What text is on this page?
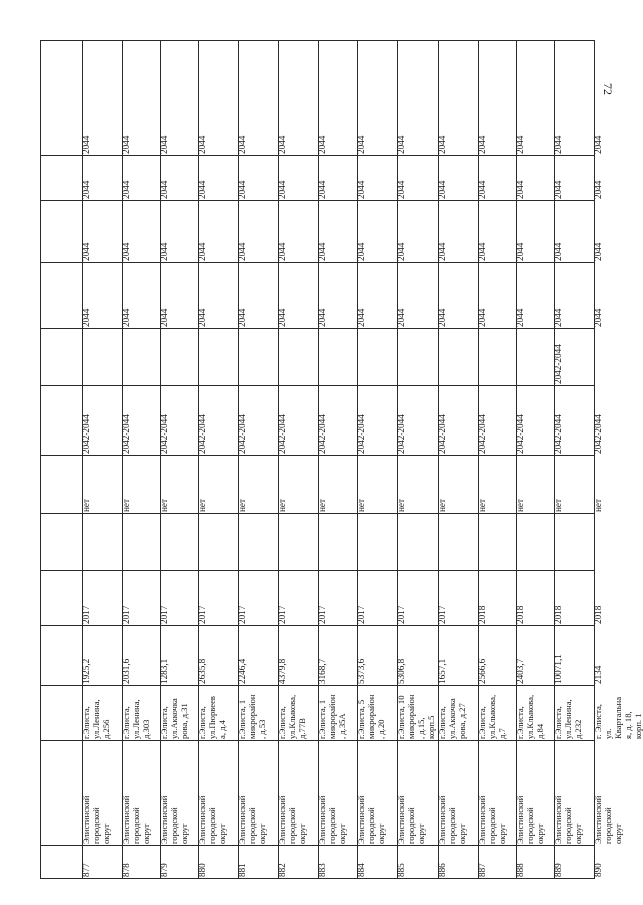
877
Элистинский
городской
округ
г.Элиста,
ул.Ленина,
д.256
1925,2
2017
нет
2042-2044
2044
2044
2044
2044
878
Элистинский
городской
округ
г.Элиста,
ул.Ленина,
д.303
2031,6
2017
нет
2042-2044
2044
2044
2044
2044
879
Элистинский
городской
округ
г.Элиста,
ул.Аккочка
рова, д.31
1283,1
2017
нет
2042-2044
2044
2044
2044
2044
880
Элистинский
городской
округ
г.Элиста,
ул.Пюрвеев
а, д.4
2635,8
2017
нет
2042-2044
2044
2044
2044
2044
881
Элистинский
городской
округ
г.Элиста, 1
микрорайон
, д.53
2246,4
2017
нет
2042-2044
2044
2044
2044
2044
882
Элистинский
городской
округ
г.Элиста,
ул.Клыкова,
д.77В
4379,8
2017
нет
2042-2044
2044
2044
2044
2044
883
Элистинский
городской
округ
г.Элиста, 1
микрорайон
, д.35А
3168,7
2017
нет
2042-2044
2044
2044
2044
2044
884
Элистинский
городской
округ
г.Элиста, 5
микрорайон
, д.20
5373,6
2017
нет
2042-2044
2044
2044
2044
2044
885
Элистинский
городской
округ
г.Элиста, 10
микрорайон
, д.15,
корп.5
5306,8
2017
нет
2042-2044
2044
2044
2044
2044
886
Элистинский
городской
округ
г.Элиста,
ул.Аккочка
рова, д.27
1657,1
2017
нет
2042-2044
2044
2044
2044
2044
887
Элистинский
городской
округ
г.Элиста,
ул.Клыкова,
д.7
2566,6
2018
нет
2042-2044
2044
2044
2044
2044
888
Элистинский
городской
округ
г.Элиста,
ул.Клыкова,
д.84
2403,7
2018
нет
2042-2044
2044
2044
2044
2044
889
Элистинский
городской
округ
г.Элиста,
ул.Ленина,
д.232
10071,1
2018
нет
2042-2044
2042-2044
2044
2044
2044
2044
890
Элистинский
городской
округ
г. Элиста,
ул.
Квартальна
я, д. 18,
корп. 1
2134
2018
нет
2042-2044
2044
2044
2044
2044
72
